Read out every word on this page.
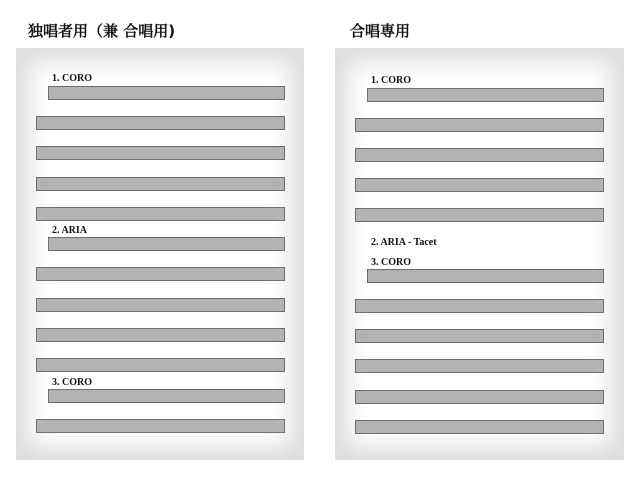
独唱者用（兼 合唱用)
1. CORO
2. ARIA
3. CORO
合唱専用
1. CORO
2. ARIA - Tacet
3. CORO
